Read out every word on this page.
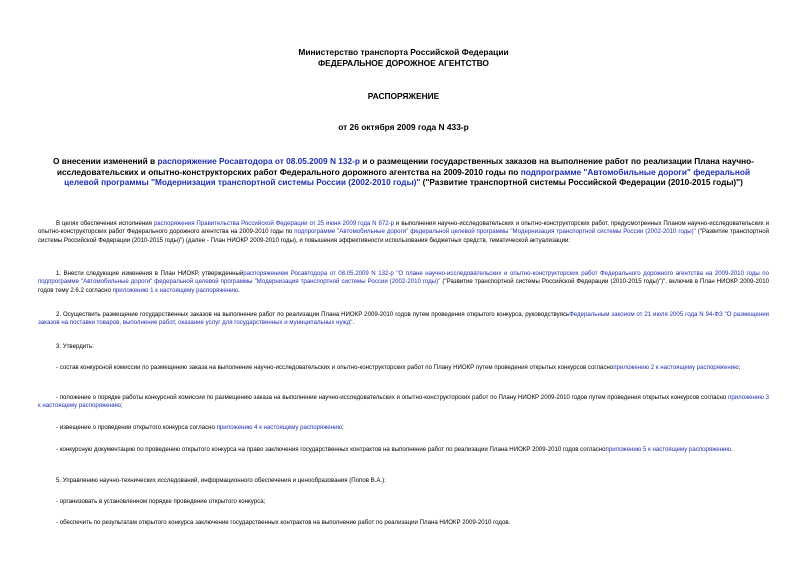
Министерство транспорта Российской Федерации
ФЕДЕРАЛЬНОЕ ДОРОЖНОЕ АГЕНТСТВО
РАСПОРЯЖЕНИЕ
от 26 октября 2009 года N 433-р
О внесении изменений в распоряжение Росавтодора от 08.05.2009 N 132-р и о размещении государственных заказов на выполнение работ по реализации Плана научно-исследовательских и опытно-конструкторских работ Федерального дорожного агентства на 2009-2010 годы по подпрограмме "Автомобильные дороги" федеральной целевой программы "Модернизация транспортной системы России (2002-2010 годы)" ("Развитие транспортной системы Российской Федерации (2010-2015 годы)")

В целях обеспечения исполнения распоряжения Правительства Российской Федерации от 25 июня 2009 года N 872-р и выполнения научно-исследовательских и опытно-конструкторских работ, предусмотренных Планом научно-исследовательских и опытно-конструкторских работ Федерального дорожного агентства на 2009-2010 годы по подпрограмме "Автомобильные дороги" федеральной целевой программы "Модернизация транспортной системы России (2002-2010 годы)" ("Развитие транспортной системы Российской Федерации (2010-2015 годы)") (далее - План НИОКР 2009-2010 годы), и повышения эффективности использования бюджетных средств, тематической актуализации:

1. Внести следующие изменения в План НИОКР, утвержденныйраспоряжением Росавтодора от 08.05.2009 N 132-р "О плане научно-исследовательских и опытно-конструкторских работ Федерального дорожного агентства на 2009-2010 годы по подпрограмме "Автомобильные дороги" федеральной целевой программы "Модернизация транспортной системы России (2002-2010 годы)" ("Развитие транспортной системы Российской Федерации (2010-2015 годы)")", включив в План НИОКР 2009-2010 годов тему 2.6.2 согласно приложению 1 к настоящему распоряжению.

2. Осуществить размещение государственных заказов на выполнение работ по реализации Плана НИОКР 2009-2010 годов путем проведения открытого конкурса, руководствуясьФедеральным законом от 21 июля 2005 года N 94-ФЗ "О размещении заказов на поставки товаров, выполнение работ, оказание услуг для государственных и муниципальных нужд".

3. Утвердить:

- состав конкурсной комиссии по размещению заказа на выполнение научно-исследовательских и опытно-конструкторских работ по Плану НИОКР путем проведения открытых конкурсов согласноприложению 2 к настоящему распоряжению;

- положение о порядке работы конкурсной комиссии по размещению заказа на выполнение научно-исследовательских и опытно-конструкторских работ по Плану НИОКР 2009-2010 годов путем проведения открытых конкурсов согласно приложению 3 к настоящему распоряжению;

- извещение о проведении открытого конкурса согласно приложению 4 к настоящему распоряжению;

- конкурсную документацию по проведению открытого конкурса на право заключения государственных контрактов на выполнение работ по реализации Плана НИОКР 2009-2010 годов согласноприложению 5 к настоящему распоряжению.

5. Управлению научно-технических исследований, информационного обеспечения и ценообразования (Попов В.А.):

- организовать в установленном порядке проведение открытого конкурса;

- обеспечить по результатам открытого конкурса заключение государственных контрактов на выполнение работ по реализации Плана НИОКР 2009-2010 годов.
